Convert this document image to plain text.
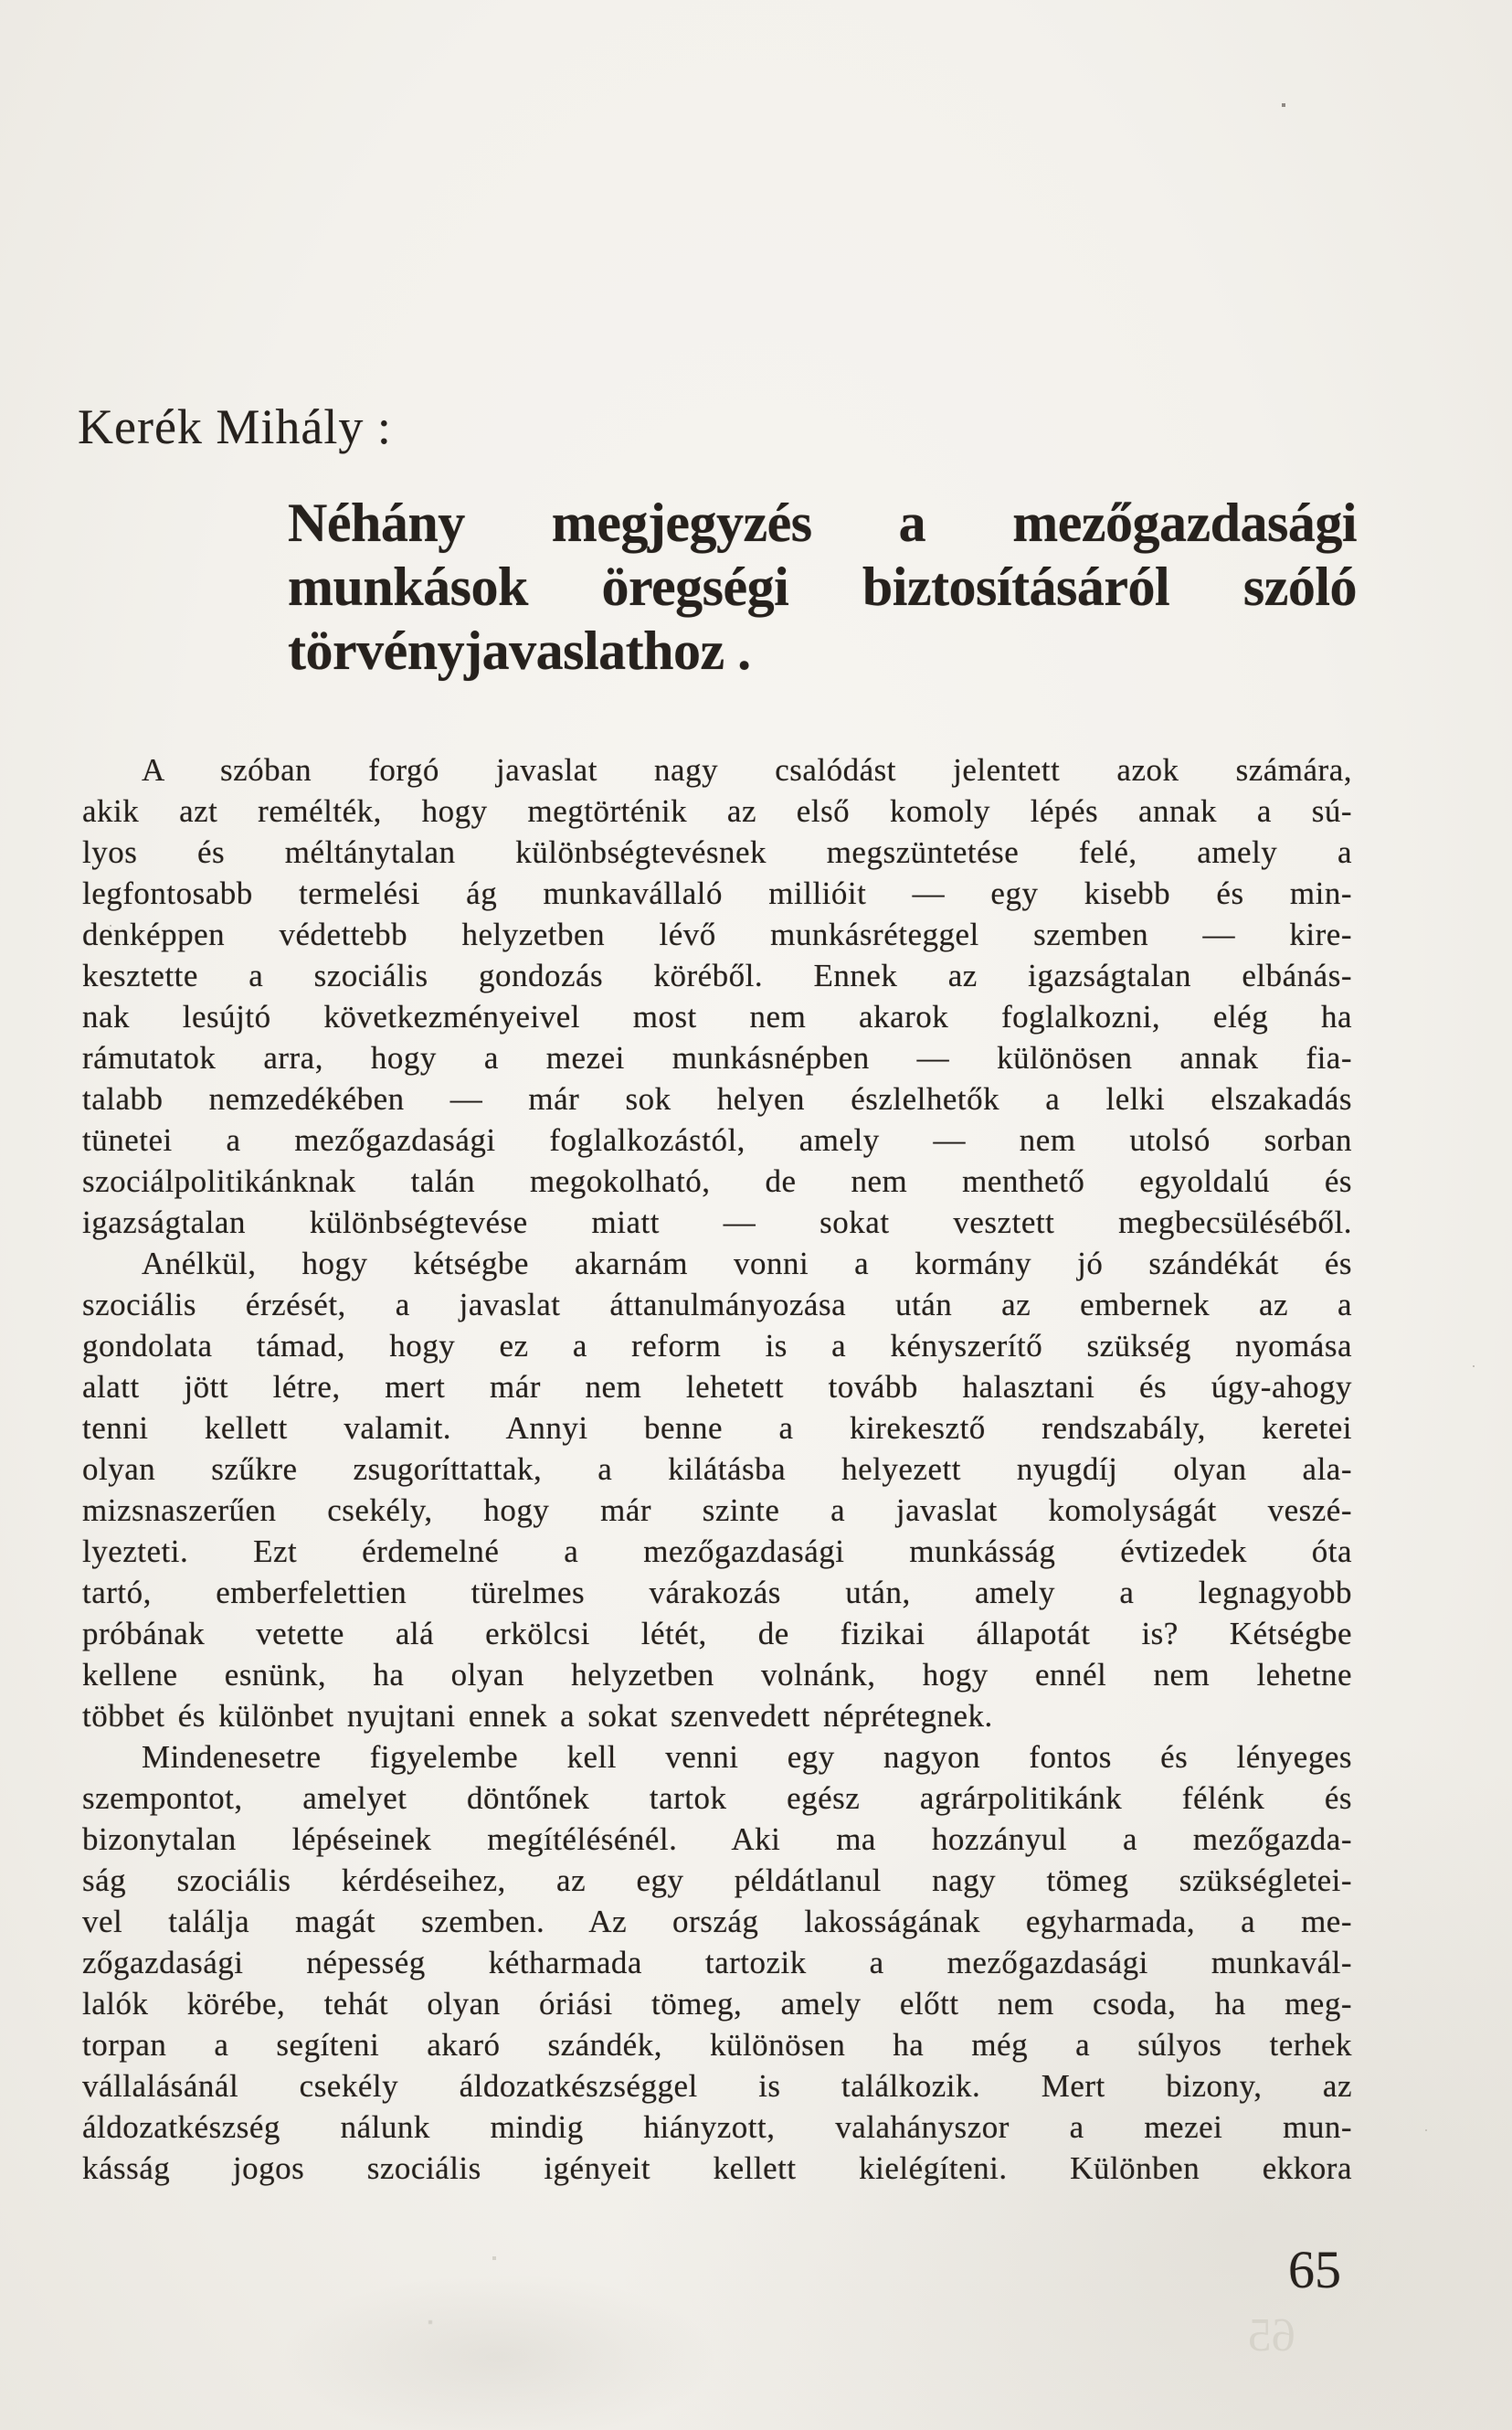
Kerék Mihály :
Néhány megjegyzés a mezőgazdasági
munkások öregségi biztosításáról szóló
törvényjavaslathoz .
A szóban forgó javaslat nagy csalódást jelentett azok számára,
akik azt remélték, hogy megtörténik az első komoly lépés annak a sú-
lyos és méltánytalan különbségtevésnek megszüntetése felé, amely a
legfontosabb termelési ág munkavállaló millióit — egy kisebb és min-
denképpen védettebb helyzetben lévő munkásréteggel szemben — kire-
kesztette a szociális gondozás köréből. Ennek az igazságtalan elbánás-
nak lesújtó következményeivel most nem akarok foglalkozni, elég ha
rámutatok arra, hogy a mezei munkásnépben — különösen annak fia-
talabb nemzedékében — már sok helyen észlelhetők a lelki elszakadás
tünetei a mezőgazdasági foglalkozástól, amely — nem utolsó sorban
szociálpolitikánknak talán megokolható, de nem menthető egyoldalú és
igazságtalan különbségtevése miatt — sokat vesztett megbecsüléséből.
Anélkül, hogy kétségbe akarnám vonni a kormány jó szándékát és
szociális érzését, a javaslat áttanulmányozása után az embernek az a
gondolata támad, hogy ez a reform is a kényszerítő szükség nyomása
alatt jött létre, mert már nem lehetett tovább halasztani és úgy-ahogy
tenni kellett valamit. Annyi benne a kirekesztő rendszabály, keretei
olyan szűkre zsugoríttattak, a kilátásba helyezett nyugdíj olyan ala-
mizsnaszerűen csekély, hogy már szinte a javaslat komolyságát veszé-
lyezteti. Ezt érdemelné a mezőgazdasági munkásság évtizedek óta
tartó, emberfelettien türelmes várakozás után, amely a legnagyobb
próbának vetette alá erkölcsi létét, de fizikai állapotát is? Kétségbe
kellene esnünk, ha olyan helyzetben volnánk, hogy ennél nem lehetne
többet és különbet nyujtani ennek a sokat szenvedett néprétegnek.
Mindenesetre figyelembe kell venni egy nagyon fontos és lényeges
szempontot, amelyet döntőnek tartok egész agrárpolitikánk félénk és
bizonytalan lépéseinek megítélésénél. Aki ma hozzányul a mezőgazda-
ság szociális kérdéseihez, az egy példátlanul nagy tömeg szükségletei-
vel találja magát szemben. Az ország lakosságának egyharmada, a me-
zőgazdasági népesség kétharmada tartozik a mezőgazdasági munkavál-
lalók körébe, tehát olyan óriási tömeg, amely előtt nem csoda, ha meg-
torpan a segíteni akaró szándék, különösen ha még a súlyos terhek
vállalásánál csekély áldozatkészséggel is találkozik. Mert bizony, az
áldozatkészség nálunk mindig hiányzott, valahányszor a mezei mun-
kásság jogos szociális igényeit kellett kielégíteni. Különben ekkora
65
65
